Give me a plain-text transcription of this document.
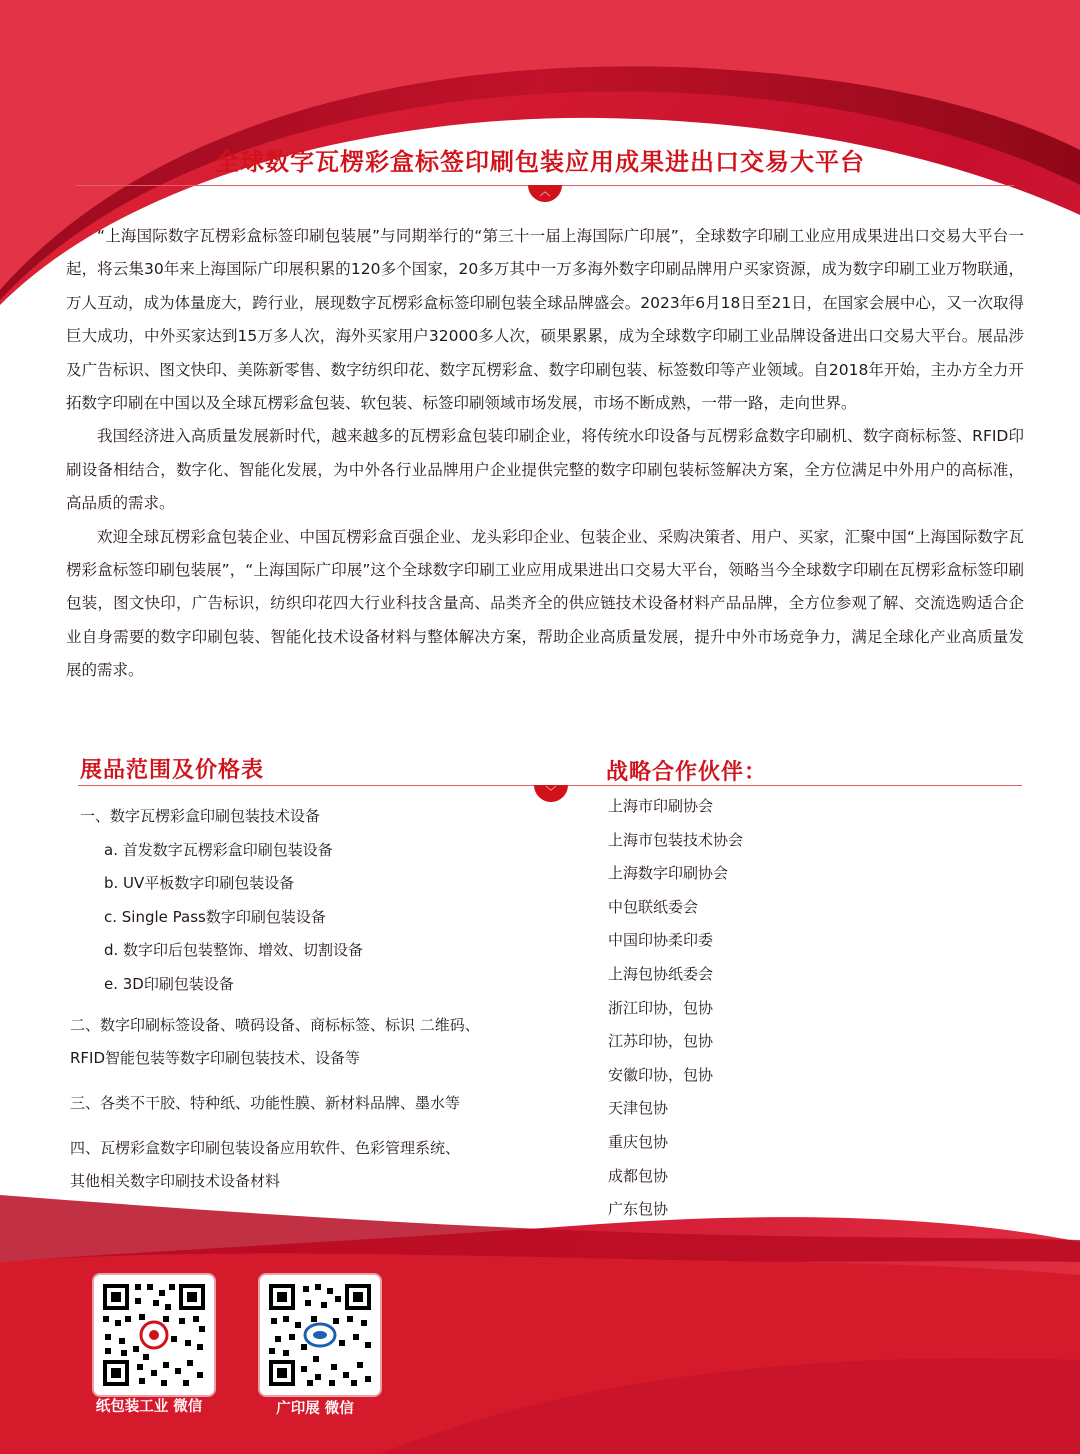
全球数字瓦楞彩盒标签印刷包装应用成果进出口交易大平台
︿

“上海国际数字瓦楞彩盒标签印刷包装展”与同期举行的“第三十一届上海国际广印展”，全球数字印刷工业应用成果进出口交易大平台一起，将云集30年来上海国际广印展积累的120多个国家，20多万其中一万多海外数字印刷品牌用户买家资源，成为数字印刷工业万物联通，万人互动，成为体量庞大，跨行业，展现数字瓦楞彩盒标签印刷包装全球品牌盛会。2023年6月18日至21日，在国家会展中心，又一次取得巨大成功，中外买家达到15万多人次，海外买家用户32000多人次，硕果累累，成为全球数字印刷工业品牌设备进出口交易大平台。展品涉及广告标识、图文快印、美陈新零售、数字纺织印花、数字瓦楞彩盒、数字印刷包装、标签数印等产业领域。自2018年开始，主办方全力开拓数字印刷在中国以及全球瓦楞彩盒包装、软包装、标签印刷领域市场发展，市场不断成熟，一带一路，走向世界。

我国经济进入高质量发展新时代，越来越多的瓦楞彩盒包装印刷企业，将传统水印设备与瓦楞彩盒数字印刷机、数字商标标签、RFID印刷设备相结合，数字化、智能化发展，为中外各行业品牌用户企业提供完整的数字印刷包装标签解决方案，全方位满足中外用户的高标准，高品质的需求。

欢迎全球瓦楞彩盒包装企业、中国瓦楞彩盒百强企业、龙头彩印企业、包装企业、采购决策者、用户、买家，汇聚中国“上海国际数字瓦楞彩盒标签印刷包装展”，“上海国际广印展”这个全球数字印刷工业应用成果进出口交易大平台，领略当今全球数字印刷在瓦楞彩盒标签印刷包装，图文快印，广告标识，纺织印花四大行业科技含量高、品类齐全的供应链技术设备材料产品品牌，全方位参观了解、交流选购适合企业自身需要的数字印刷包装、智能化技术设备材料与整体解决方案，帮助企业高质量发展，提升中外市场竞争力，满足全球化产业高质量发展的需求。

展品范围及价格表	战略合作伙伴：
﹀
一、数字瓦楞彩盒印刷包装技术设备
a. 首发数字瓦楞彩盒印刷包装设备
b. UV平板数字印刷包装设备
c. Single Pass数字印刷包装设备
d. 数字印后包装整饰、增效、切割设备
e. 3D印刷包装设备
二、数字印刷标签设备、喷码设备、商标标签、标识 二维码、
RFID智能包装等数字印刷包装技术、设备等
三、各类不干胶、特种纸、功能性膜、新材料品牌、墨水等
四、瓦楞彩盒数字印刷包装设备应用软件、色彩管理系统、
其他相关数字印刷技术设备材料
上海市印刷协会
上海市包装技术协会
上海数字印刷协会
中包联纸委会
中国印协柔印委
上海包协纸委会
浙江印协，包协
江苏印协，包协
安徽印协，包协
天津包协
重庆包协
成都包协
广东包协

纸包装工业 微信	广印展 微信
